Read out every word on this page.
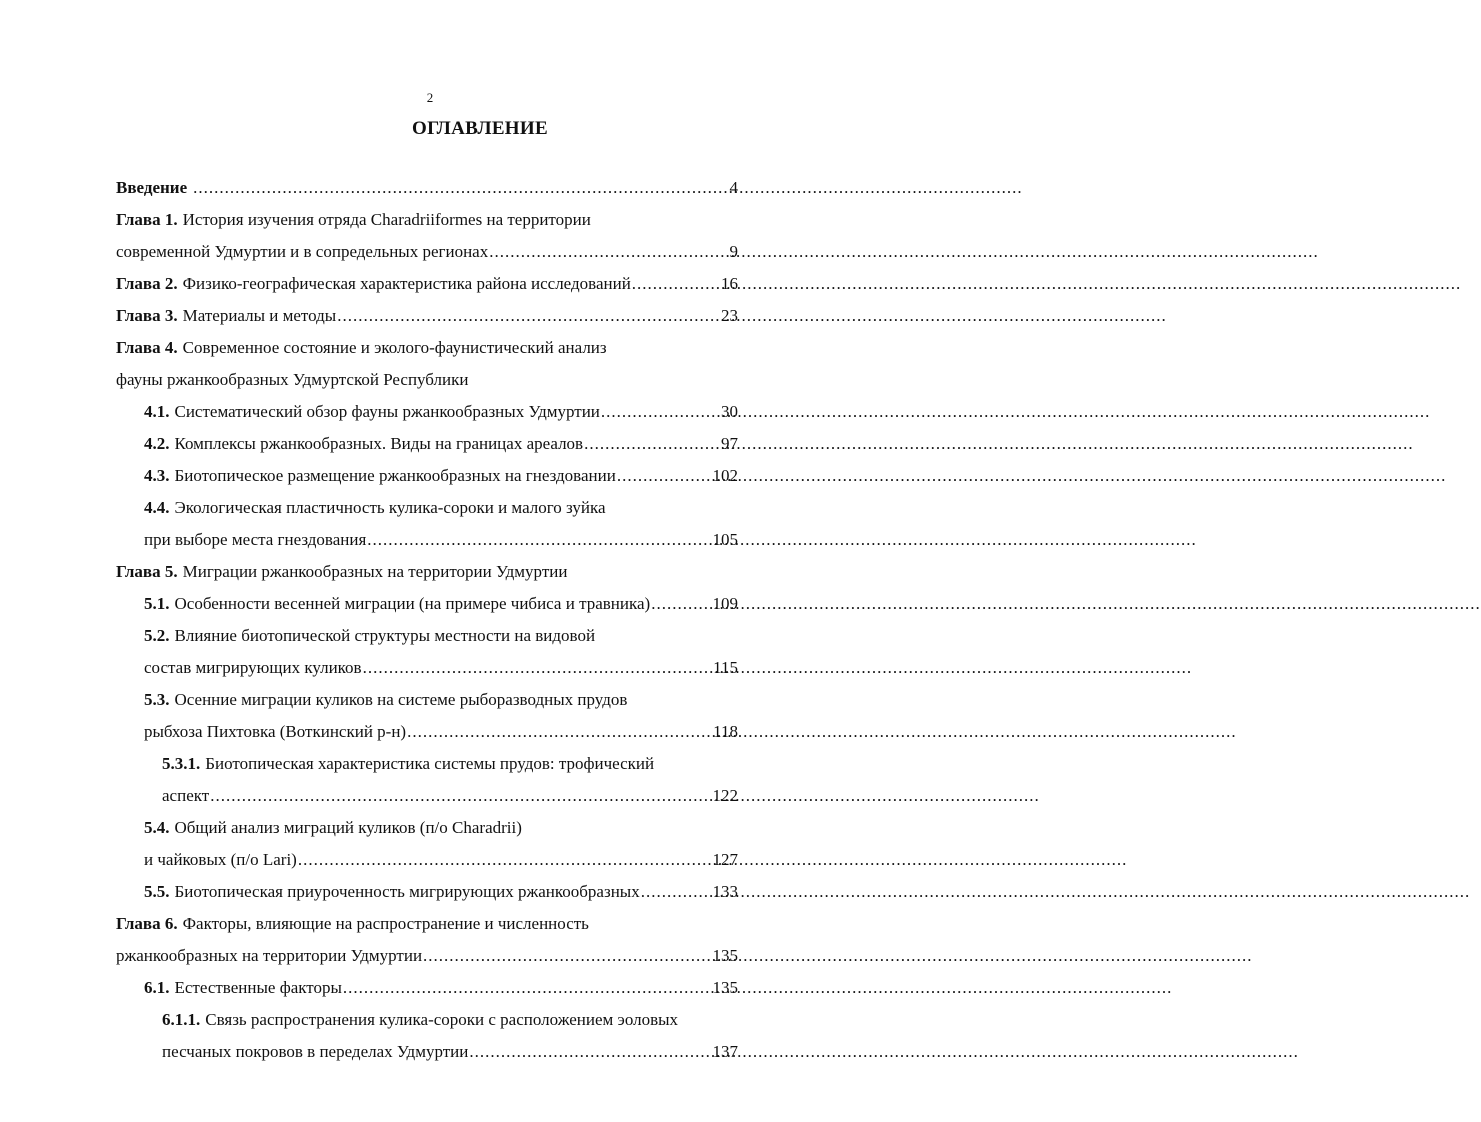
2
ОГЛАВЛЕНИЕ
Введение .....	4
Глава 1. История изучения отряда Charadriiformes на территории
современной Удмуртии и в сопредельных регионах .....	9
Глава 2. Физико-географическая характеристика района исследований .....	16
Глава 3. Материалы и методы .....	23
Глава 4. Современное состояние и эколого-фаунистический анализ
фауны ржанкообразных Удмуртской Республики
4.1. Систематический обзор фауны ржанкообразных Удмуртии .....	30
4.2. Комплексы ржанкообразных. Виды на границах ареалов .....	97
4.3. Биотопическое размещение ржанкообразных на гнездовании .....	102
4.4. Экологическая пластичность кулика-сороки и малого зуйка
при выборе места гнездования .....	105
Глава 5. Миграции ржанкообразных на территории Удмуртии
5.1. Особенности весенней миграции (на примере чибиса и травника) .....	109
5.2. Влияние биотопической структуры местности на видовой
состав мигрирующих куликов .....	115
5.3. Осенние миграции куликов на системе рыборазводных прудов
рыбхоза Пихтовка (Воткинский р-н) .....	118
5.3.1. Биотопическая характеристика системы прудов: трофический
аспект .....	122
5.4. Общий анализ миграций куликов (п/о Charadrii)
и чайковых (п/о Lari) .....	127
5.5. Биотопическая приуроченность мигрирующих ржанкообразных .....	133
Глава 6. Факторы, влияющие на распространение и численность
ржанкообразных на территории Удмуртии .....	135
6.1. Естественные факторы .....	135
6.1.1. Связь распространения кулика-сороки с расположением эоловых
песчаных покровов в переделах Удмуртии .....	137
